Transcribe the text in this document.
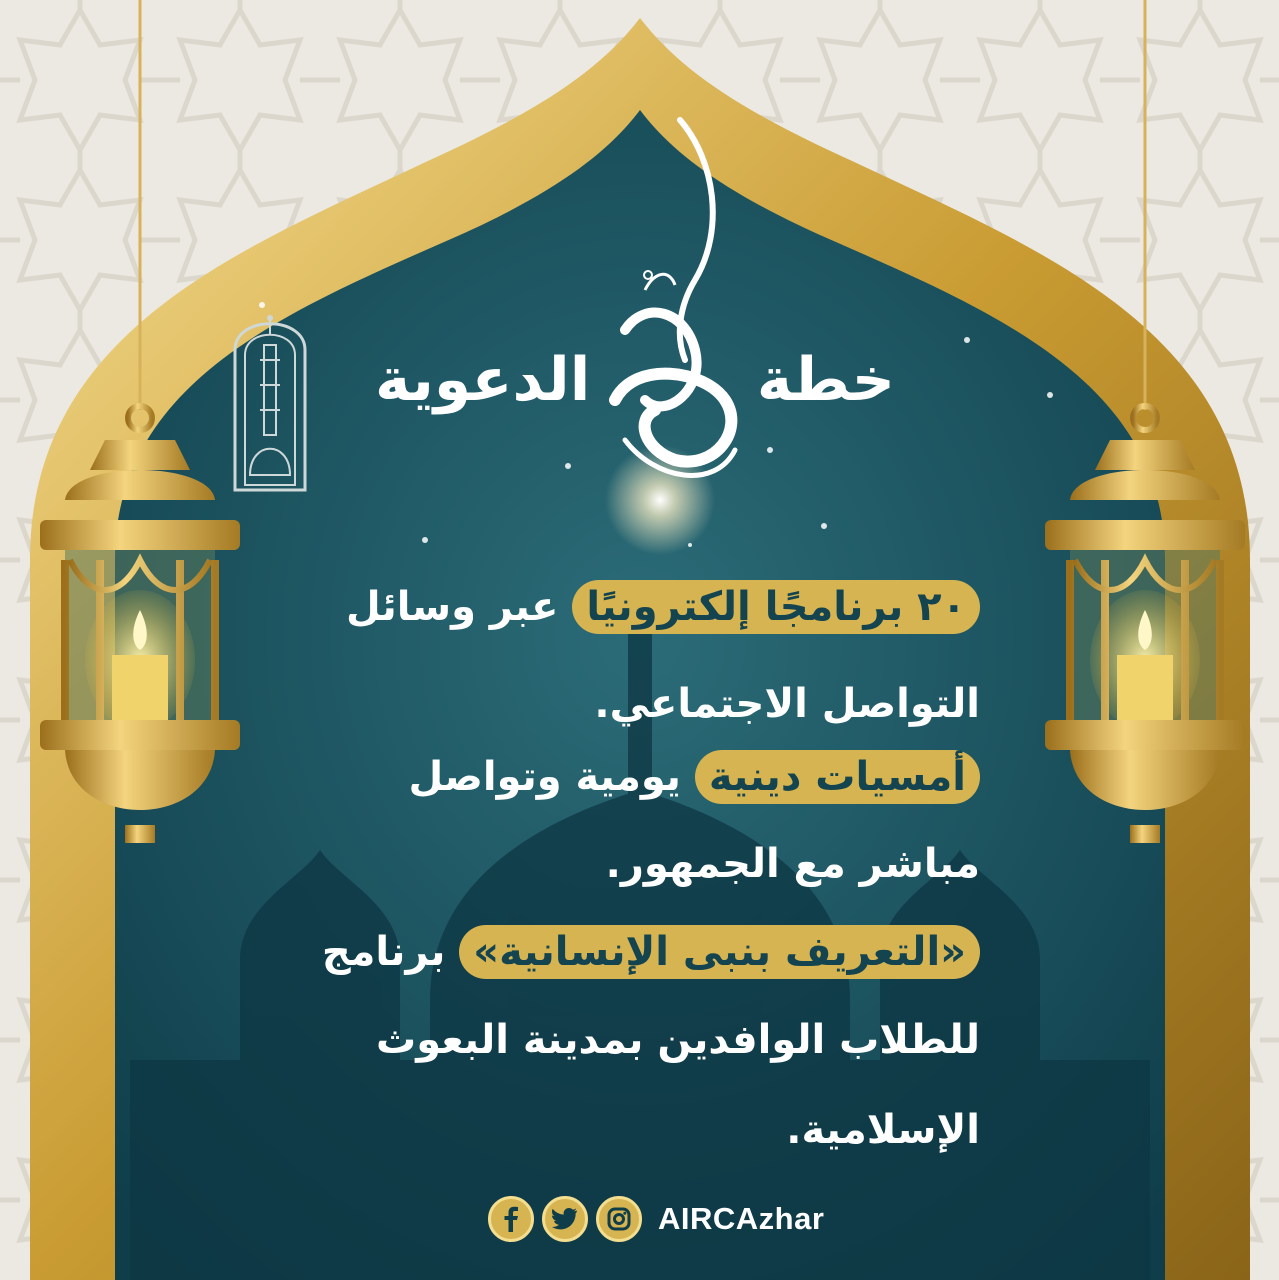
خطة
الدعوية
٢٠ برنامجًا إلكترونيًا عبر وسائل
التواصل الاجتماعي.
أمسيات دينية يومية وتواصل
مباشر مع الجمهور.
«التعريف بنبى الإنسانية» برنامج
للطلاب الوافدين بمدينة البعوث
الإسلامية.
AIRCAzhar
